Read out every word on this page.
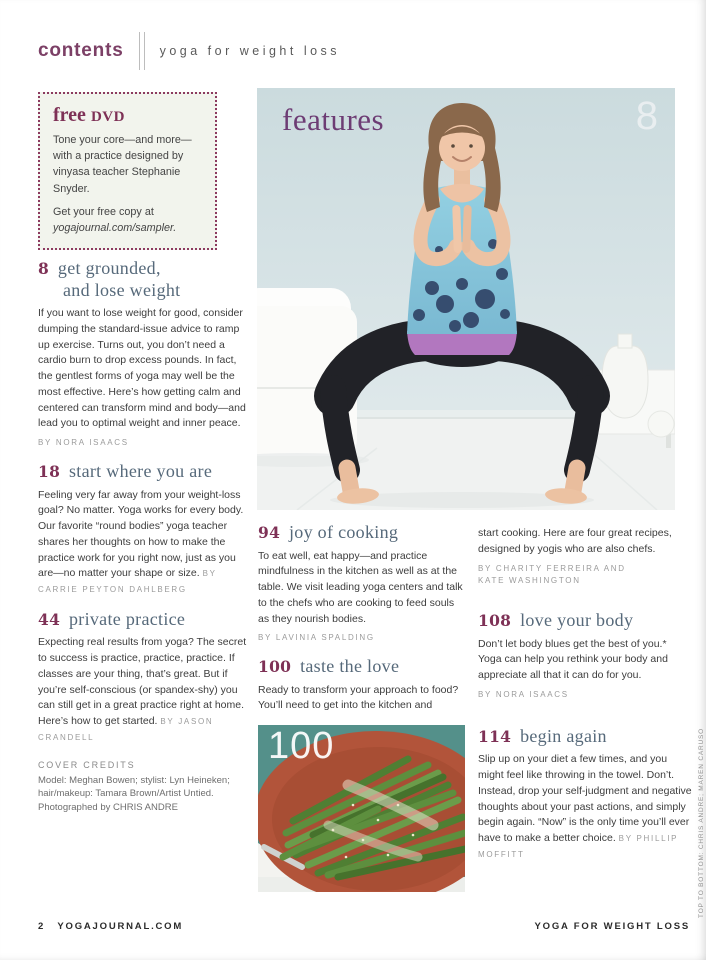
contents	yoga for weight loss
free DVD

Tone your core—and more—with a practice designed by vinyasa teacher Stephanie Snyder.

Get your free copy at
yogajournal.com/sampler.

8 get grounded,
and lose weight

If you want to lose weight for good, consider dumping the standard-issue advice to ramp up exercise. Turns out, you don’t need a cardio burn to drop excess pounds. In fact, the gentlest forms of yoga may well be the most effective. Here’s how getting calm and centered can transform mind and body—and lead you to optimal weight and inner peace.

BY NORA ISAACS
18 start where you are

Feeling very far away from your weight-loss goal? No matter. Yoga works for every body. Our favorite “round bodies” yoga teacher shares her thoughts on how to make the practice work for you right now, just as you are—no matter your shape or size. BY CARRIE PEYTON DAHLBERG

44 private practice

Expecting real results from yoga? The secret to success is practice, practice, practice. If classes are your thing, that’s great. But if you’re self-conscious (or spandex-shy) you can still get in a great practice right at home. Here’s how to get started. BY JASON CRANDELL

COVER CREDITS

Model: Meghan Bowen; stylist: Lyn Heineken; hair/makeup: Tamara Brown/Artist Untied. Photographed by CHRIS ANDRE

features	8
94 joy of cooking

To eat well, eat happy—and practice mindfulness in the kitchen as well as at the table. We visit leading yoga centers and talk to the chefs who are cooking to feed souls as they nourish bodies.

BY LAVINIA SPALDING
100 taste the love

Ready to transform your approach to food? You’ll need to get into the kitchen and

100

start cooking. Here are four great recipes, designed by yogis who are also chefs.

BY CHARITY FERREIRA AND
KATE WASHINGTON
108 love your body

Don’t let body blues get the best of you.* Yoga can help you rethink your body and appreciate all that it can do for you.

BY NORA ISAACS
114 begin again

Slip up on your diet a few times, and you might feel like throwing in the towel. Don’t. Instead, drop your self-judgment and negative thoughts about your past actions, and simply begin again. “Now” is the only time you’ll ever have to make a better choice. BY PHILLIP MOFFITT	TOP TO BOTTOM: CHRIS ANDRE; MAREN CARUSO
2 YOGAJOURNAL.COM	YOGA FOR WEIGHT LOSS
